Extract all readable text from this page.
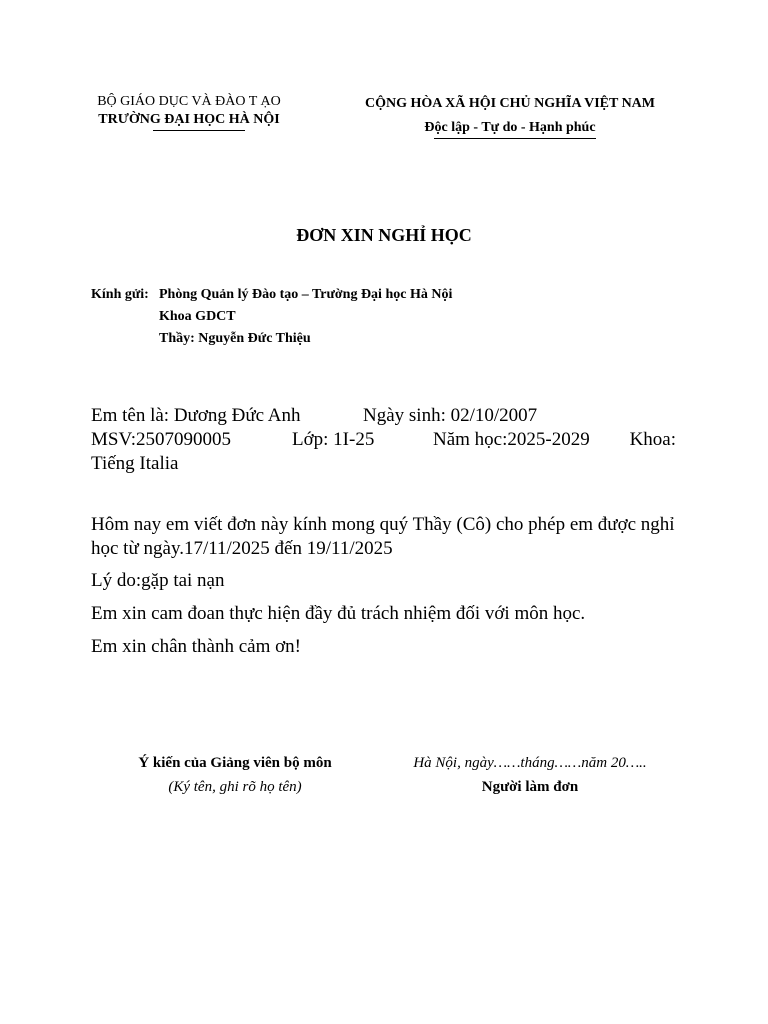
BỘ GIÁO DỤC VÀ ĐÀO T ẠO
TRƯỜNG ĐẠI HỌC HÀ NỘI
CỘNG HÒA XÃ HỘI CHỦ NGHĨA VIỆT NAM
Độc lập - Tự do - Hạnh phúc
ĐƠN XIN NGHỈ HỌC
Kính gửi: Phòng Quản lý Đào tạo – Trường Đại học Hà Nội
Khoa GDCT
Thầy: Nguyễn Đức Thiệu
Em tên là: Dương Đức Anh	Ngày sinh: 02/10/2007
MSV:2507090005	Lớp: 1I-25	Năm học:2025-2029 Khoa:
Tiếng Italia

Hôm nay em viết đơn này kính mong quý Thầy (Cô) cho phép em được nghỉ học từ ngày.17/11/2025 đến 19/11/2025

Lý do:gặp tai nạn

Em xin cam đoan thực hiện đầy đủ trách nhiệm đối với môn học.

Em xin chân thành cảm ơn!

Ý kiến của Giảng viên bộ môn
(Ký tên, ghi rõ họ tên)
Hà Nội, ngày……tháng……năm 20…..
Người làm đơn
